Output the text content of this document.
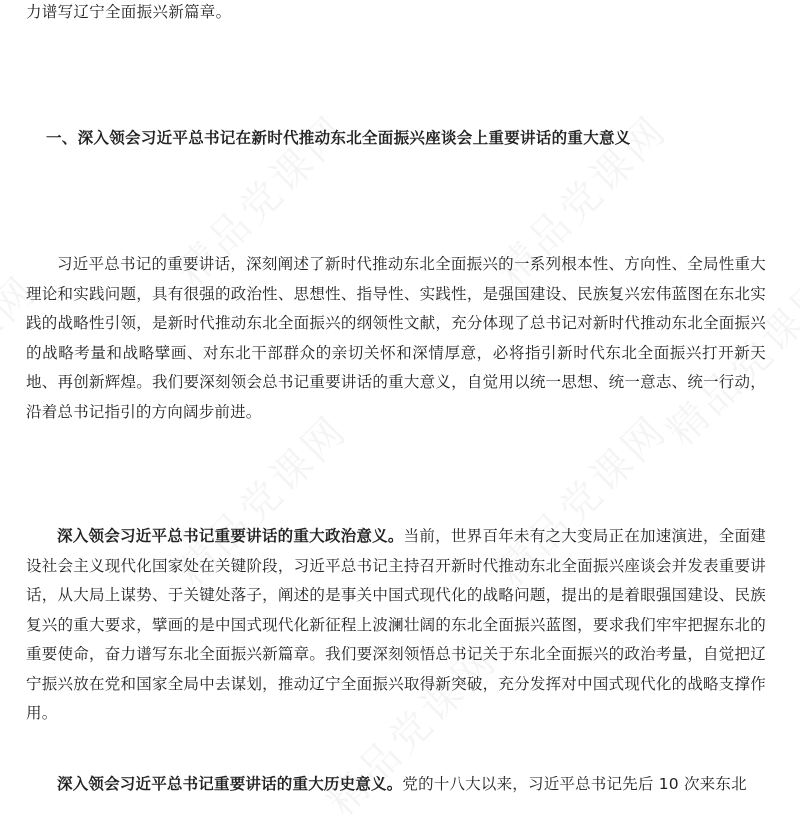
力谱写辽宁全面振兴新篇章。
一、深入领会习近平总书记在新时代推动东北全面振兴座谈会上重要讲话的重大意义
习近平总书记的重要讲话，深刻阐述了新时代推动东北全面振兴的一系列根本性、方向性、全局性重大理论和实践问题，具有很强的政治性、思想性、指导性、实践性，是强国建设、民族复兴宏伟蓝图在东北实践的战略性引领，是新时代推动东北全面振兴的纲领性文献，充分体现了总书记对新时代推动东北全面振兴的战略考量和战略擘画、对东北干部群众的亲切关怀和深情厚意，必将指引新时代东北全面振兴打开新天地、再创新辉煌。我们要深刻领会总书记重要讲话的重大意义，自觉用以统一思想、统一意志、统一行动，沿着总书记指引的方向阔步前进。
深入领会习近平总书记重要讲话的重大政治意义。当前，世界百年未有之大变局正在加速演进，全面建设社会主义现代化国家处在关键阶段，习近平总书记主持召开新时代推动东北全面振兴座谈会并发表重要讲话，从大局上谋势、于关键处落子，阐述的是事关中国式现代化的战略问题，提出的是着眼强国建设、民族复兴的重大要求，擘画的是中国式现代化新征程上波澜壮阔的东北全面振兴蓝图，要求我们牢牢把握东北的重要使命，奋力谱写东北全面振兴新篇章。我们要深刻领悟总书记关于东北全面振兴的政治考量，自觉把辽宁振兴放在党和国家全局中去谋划，推动辽宁全面振兴取得新突破，充分发挥对中国式现代化的战略支撑作用。
深入领会习近平总书记重要讲话的重大历史意义。党的十八大以来，习近平总书记先后 10 次来东北
